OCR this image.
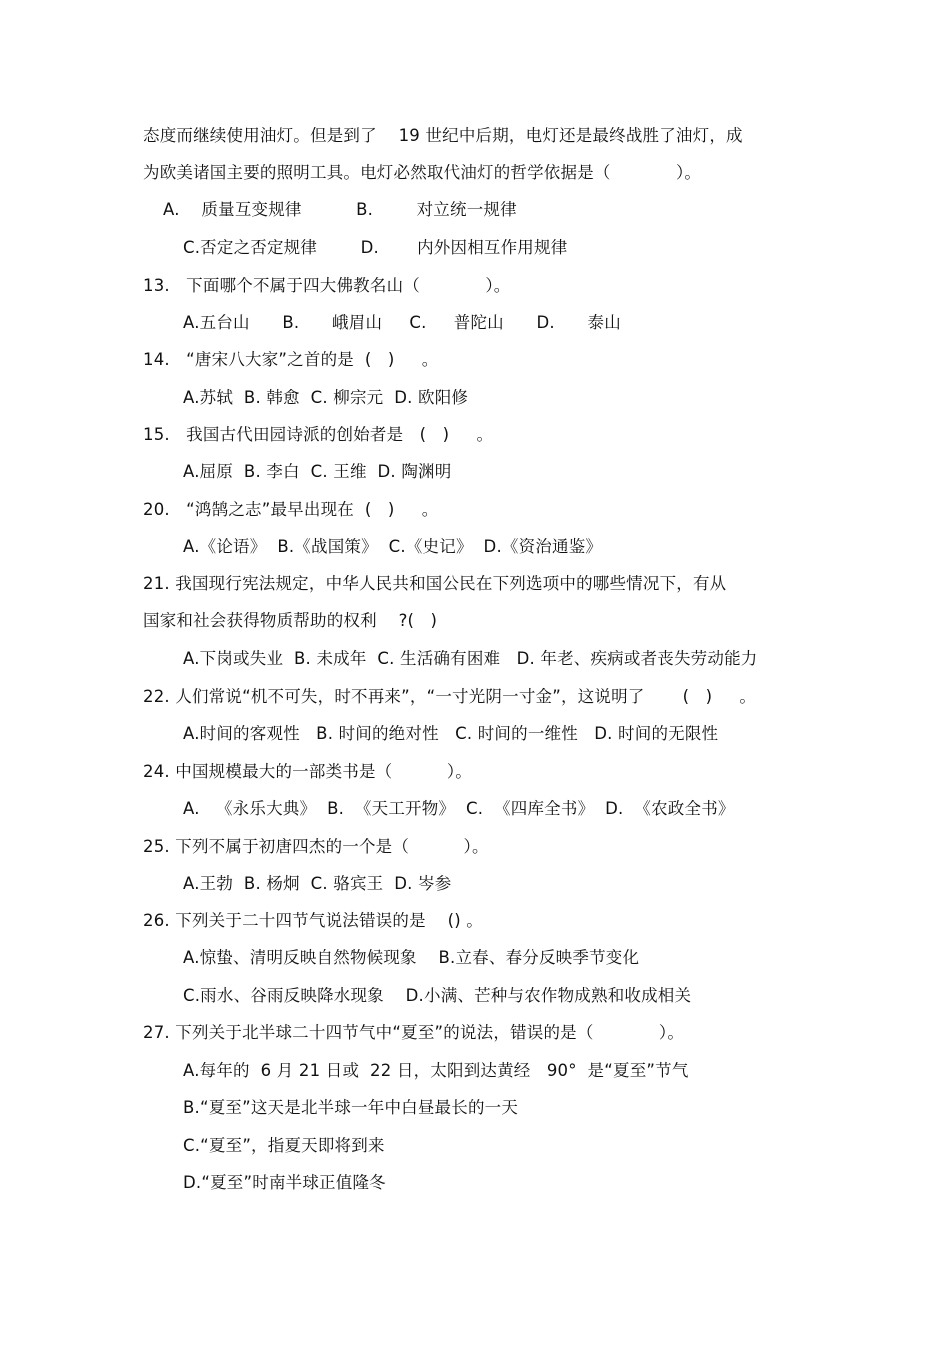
态度而继续使用油灯。但是到了    19 世纪中后期，电灯还是最终战胜了油灯，成
为欧美诸国主要的照明工具。电灯必然取代油灯的哲学依据是（            ）。
A.    质量互变规律          B.        对立统一规律
C.否定之否定规律        D.       内外因相互作用规律
13.   下面哪个不属于四大佛教名山（            ）。
A.五台山      B.      峨眉山     C.     普陀山      D.      泰山
14.   “唐宋八大家”之首的是  (   )     。
A.苏轼  B. 韩愈  C. 柳宗元  D. 欧阳修
15.   我国古代田园诗派的创始者是   (   )     。
A.屈原  B. 李白  C. 王维  D. 陶渊明
20.   “鸿鹄之志”最早出现在  (   )     。
A.《论语》  B.《战国策》  C.《史记》  D.《资治通鉴》
21. 我国现行宪法规定，中华人民共和国公民在下列选项中的哪些情况下，有从
国家和社会获得物质帮助的权利    ?(   )
A.下岗或失业  B. 未成年  C. 生活确有困难   D. 年老、疾病或者丧失劳动能力
22. 人们常说“机不可失，时不再来”，“一寸光阴一寸金”，这说明了       (   )     。
A.时间的客观性   B. 时间的绝对性   C. 时间的一维性   D. 时间的无限性
24. 中国规模最大的一部类书是（          ）。
A.   《永乐大典》  B.  《天工开物》  C.  《四库全书》  D.  《农政全书》
25. 下列不属于初唐四杰的一个是（          ）。
A.王勃  B. 杨炯  C. 骆宾王  D. 岑参
26. 下列关于二十四节气说法错误的是    () 。
A.惊蛰、清明反映自然物候现象    B.立春、春分反映季节变化
C.雨水、谷雨反映降水现象    D.小满、芒种与农作物成熟和收成相关
27. 下列关于北半球二十四节气中“夏至”的说法，错误的是（            ）。
A.每年的  6 月 21 日或  22 日，太阳到达黄经   90°  是“夏至”节气
B.“夏至”这天是北半球一年中白昼最长的一天
C.“夏至”，指夏天即将到来
D.“夏至”时南半球正值隆冬
